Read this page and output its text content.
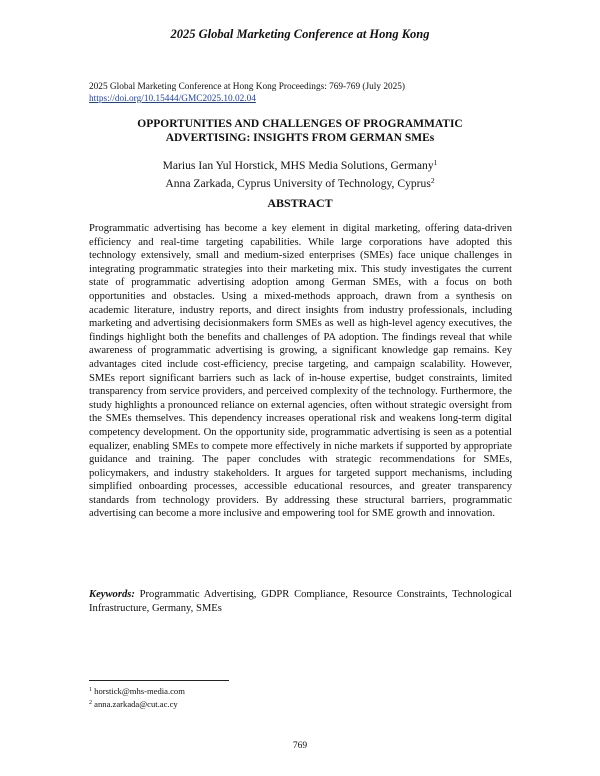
2025 Global Marketing Conference at Hong Kong
2025 Global Marketing Conference at Hong Kong Proceedings: 769-769 (July 2025)
https://doi.org/10.15444/GMC2025.10.02.04
OPPORTUNITIES AND CHALLENGES OF PROGRAMMATIC
ADVERTISING: INSIGHTS FROM GERMAN SMEs
Marius Ian Yul Horstick, MHS Media Solutions, Germany$^1$
Anna Zarkada, Cyprus University of Technology, Cyprus$^2$
ABSTRACT

Programmatic advertising has become a key element in digital marketing, offering data-driven efficiency and real-time targeting capabilities. While large corporations have adopted this technology extensively, small and medium-sized enterprises (SMEs) face unique challenges in integrating programmatic strategies into their marketing mix. This study investigates the current state of programmatic advertising adoption among German SMEs, with a focus on both opportunities and obstacles. Using a mixed-methods approach, drawn from a synthesis on academic literature, industry reports, and direct insights from industry professionals, including marketing and advertising decisionmakers form SMEs as well as high-level agency executives, the findings highlight both the benefits and challenges of PA adoption. The findings reveal that while awareness of programmatic advertising is growing, a significant knowledge gap remains. Key advantages cited include cost-efficiency, precise targeting, and campaign scalability. However, SMEs report significant barriers such as lack of in-house expertise, budget constraints, limited transparency from service providers, and perceived complexity of the technology. Furthermore, the study highlights a pronounced reliance on external agencies, often without strategic oversight from the SMEs themselves. This dependency increases operational risk and weakens long-term digital competency development. On the opportunity side, programmatic advertising is seen as a potential equalizer, enabling SMEs to compete more effectively in niche markets if supported by appropriate guidance and training. The paper concludes with strategic recommendations for SMEs, policymakers, and industry stakeholders. It argues for targeted support mechanisms, including simplified onboarding processes, accessible educational resources, and greater transparency standards from technology providers. By addressing these structural barriers, programmatic advertising can become a more inclusive and empowering tool for SME growth and innovation.

Keywords: Programmatic Advertising, GDPR Compliance, Resource Constraints, Technological Infrastructure, Germany, SMEs

$^1$ horstick@mhs-media.com
$^2$ anna.zarkada@cut.ac.cy
769
